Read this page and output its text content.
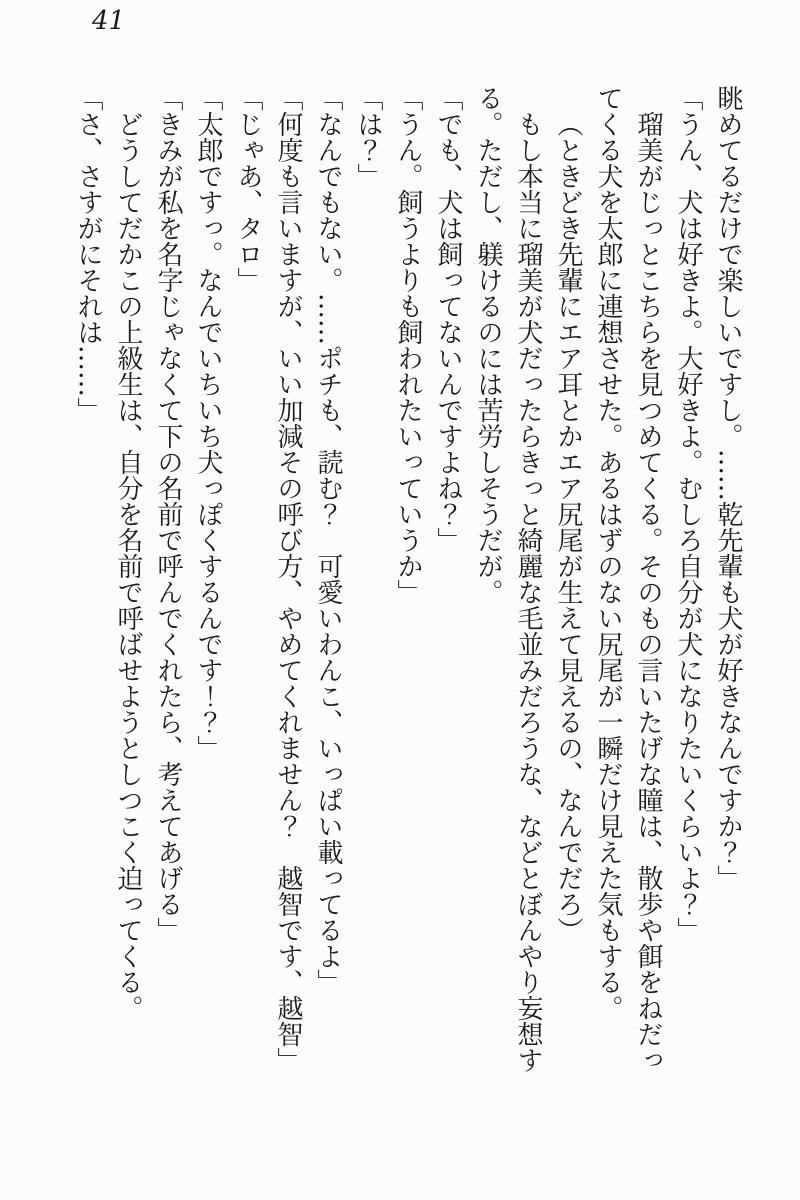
41

眺めてるだけで楽しいですし。……乾先輩も犬が好きなんですか？」

「うん、犬は好きよ。大好きよ。むしろ自分が犬になりたいくらいよ？」

瑠美がじっとこちらを見つめてくる。そのもの言いたげな瞳は、散歩や餌をねだってくる犬を太郎に連想させた。あるはずのない尻尾が一瞬だけ見えた気もする。

（ときどき先輩にエア耳とかエア尻尾が生えて見えるの、なんでだろ）

もし本当に瑠美が犬だったらきっと綺麗な毛並みだろうな、などとぼんやり妄想する。ただし、躾けるのには苦労しそうだが。

「でも、犬は飼ってないんですよね？」

「うん。飼うよりも飼われたいっていうか」

「は？」

「なんでもない。……ポチも、読む？　可愛いわんこ、いっぱい載ってるよ」

「何度も言いますが、いい加減その呼び方、やめてくれません？　越智です、越智」

「じゃあ、タロ」

「太郎ですっ。なんでいちいち犬っぽくするんです！？」

「きみが私を名字じゃなくて下の名前で呼んでくれたら、考えてあげる」

どうしてだかこの上級生は、自分を名前で呼ばせようとしつこく迫ってくる。

「さ、さすがにそれは……」
